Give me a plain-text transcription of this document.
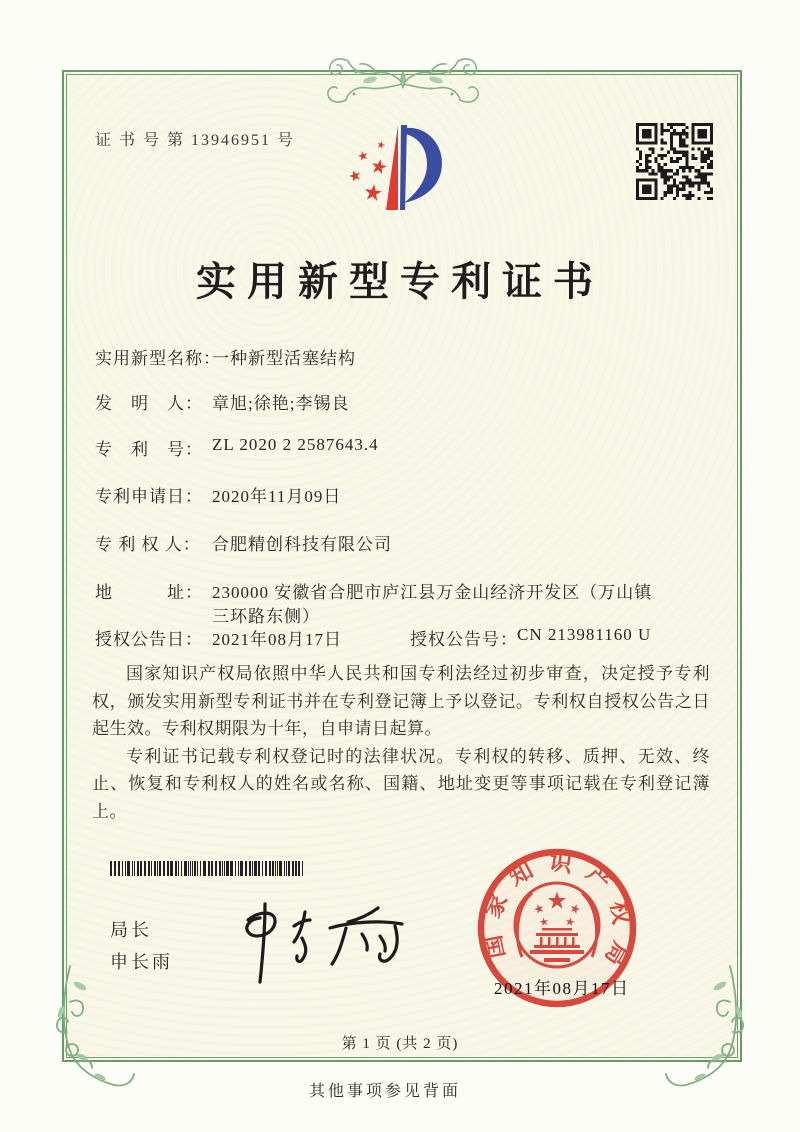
证 书 号 第 13946951 号
实用新型专利证书
实用新型名称：
一种新型活塞结构
发　明　人： 章旭;徐艳;李锡良
专　利　号： ZL 2020 2 2587643.4
专利申请日： 2020年11月09日
专 利 权 人： 合肥精创科技有限公司
地　　　址： 230000 安徽省合肥市庐江县万金山经济开发区（万山镇
三环路东侧）
授权公告日： 2021年08月17日	授权公告号： CN 213981160 U

国家知识产权局依照中华人民共和国专利法经过初步审查，决定授予专利权，颁发实用新型专利证书并在专利登记簿上予以登记。专利权自授权公告之日起生效。专利权期限为十年，自申请日起算。

专利证书记载专利权登记时的法律状况。专利权的转移、质押、无效、终止、恢复和专利权人的姓名或名称、国籍、地址变更等事项记载在专利登记簿上。

局长
申长雨
国家知识产权局
2021年08月17日
第 1 页 (共 2 页)
其他事项参见背面
